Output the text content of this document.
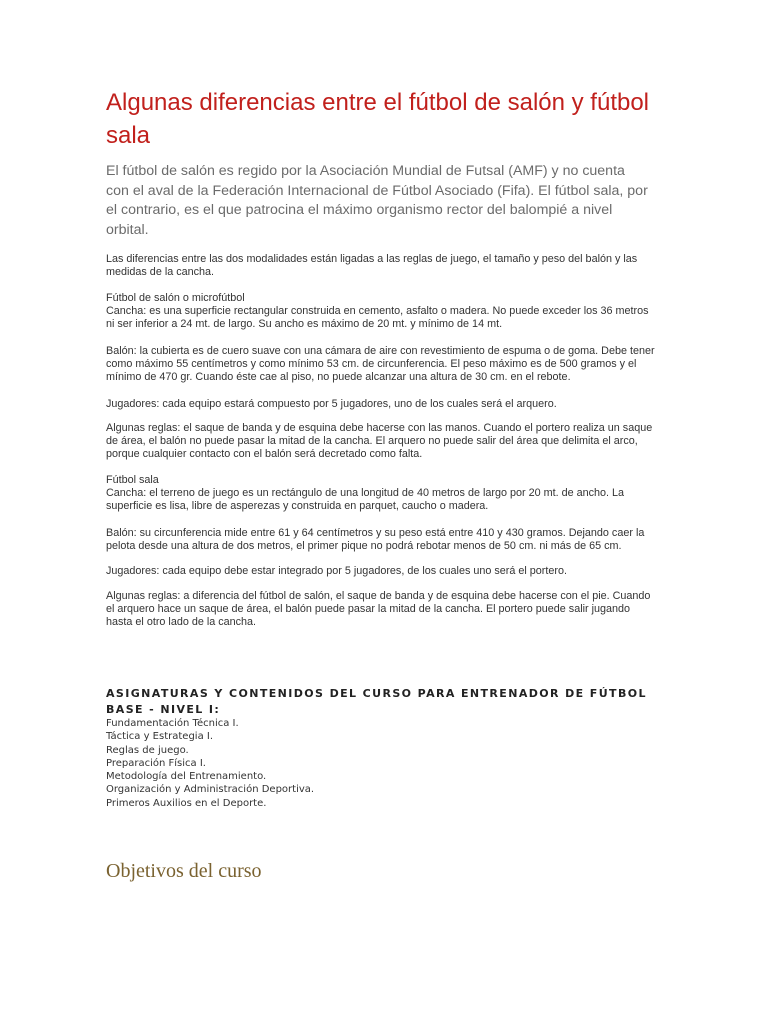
Algunas diferencias entre el fútbol de salón y fútbol sala

El fútbol de salón es regido por la Asociación Mundial de Futsal (AMF) y no cuenta con el aval de la Federación Internacional de Fútbol Asociado (Fifa). El fútbol sala, por el contrario, es el que patrocina el máximo organismo rector del balompié a nivel orbital.

Las diferencias entre las dos modalidades están ligadas a las reglas de juego, el tamaño y peso del balón y las medidas de la cancha.

Fútbol de salón o microfútbol
Cancha: es una superficie rectangular construida en cemento, asfalto o madera. No puede exceder los 36 metros ni ser inferior a 24 mt. de largo. Su ancho es máximo de 20 mt. y mínimo de 14 mt.

Balón: la cubierta es de cuero suave con una cámara de aire con revestimiento de espuma o de goma. Debe tener como máximo 55 centímetros y como mínimo 53 cm. de circunferencia. El peso máximo es de 500 gramos y el mínimo de 470 gr. Cuando éste cae al piso, no puede alcanzar una altura de 30 cm. en el rebote.

Jugadores: cada equipo estará compuesto por 5 jugadores, uno de los cuales será el arquero.

Algunas reglas: el saque de banda y de esquina debe hacerse con las manos. Cuando el portero realiza un saque de área, el balón no puede pasar la mitad de la cancha. El arquero no puede salir del área que delimita el arco, porque cualquier contacto con el balón será decretado como falta.

Fútbol sala
Cancha: el terreno de juego es un rectángulo de una longitud de 40 metros de largo por 20 mt. de ancho. La superficie es lisa, libre de asperezas y construida en parquet, caucho o madera.

Balón: su circunferencia mide entre 61 y 64 centímetros y su peso está entre 410 y 430 gramos. Dejando caer la pelota desde una altura de dos metros, el primer pique no podrá rebotar menos de 50 cm. ni más de 65 cm.

Jugadores: cada equipo debe estar integrado por 5 jugadores, de los cuales uno será el portero.

Algunas reglas: a diferencia del fútbol de salón, el saque de banda y de esquina debe hacerse con el pie. Cuando el arquero hace un saque de área, el balón puede pasar la mitad de la cancha. El portero puede salir jugando hasta el otro lado de la cancha.

ASIGNATURAS Y CONTENIDOS DEL CURSO PARA ENTRENADOR DE FÚTBOL BASE - NIVEL I:
Fundamentación Técnica I.
Táctica y Estrategia I.
Reglas de juego.
Preparación Física I.
Metodología del Entrenamiento.
Organización y Administración Deportiva.
Primeros Auxilios en el Deporte.
Objetivos del curso
